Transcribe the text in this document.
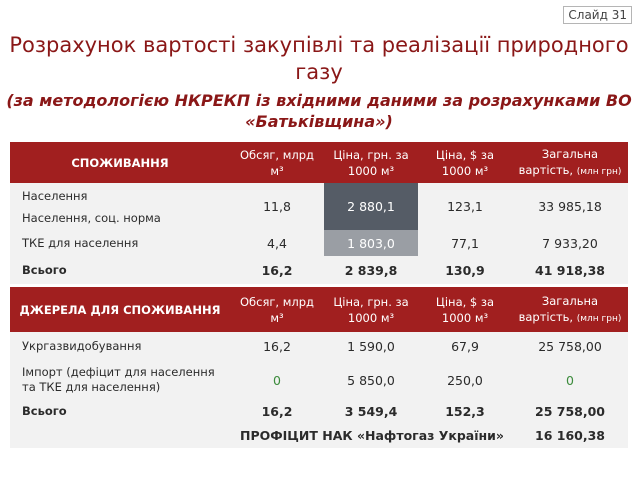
Слайд 31
Розрахунок вартості закупівлі та реалізації природного газу
(за методологією НКРЕКП із вхідними даними за розрахунками ВО «Батьківщина»)
СПОЖИВАННЯ	Обсяг, млрд м³	Ціна, грн. за 1000 м³	Ціна, $ за 1000 м³	Загальна вартість, (млн грн)

Населення
Населення, соц. норма	11,8	2 880,1	123,1	33 985,18
ТКЕ для населення	4,4	1 803,0	77,1	7 933,20
Всього	16,2	2 839,8	130,9	41 918,38
ДЖЕРЕЛА ДЛЯ СПОЖИВАННЯ	Обсяг, млрд м³	Ціна, грн. за 1000 м³	Ціна, $ за 1000 м³	Загальна вартість, (млн грн)
Укргазвидобування	16,2	1 590,0	67,9	25 758,00

Імпорт (дефіцит для населення
та ТКЕ для населення)	0	5 850,0	250,0	0
Всього	16,2	3 549,4	152,3	25 758,00
ПРОФІЦИТ НАК «Нафтогаз України»				16 160,38
